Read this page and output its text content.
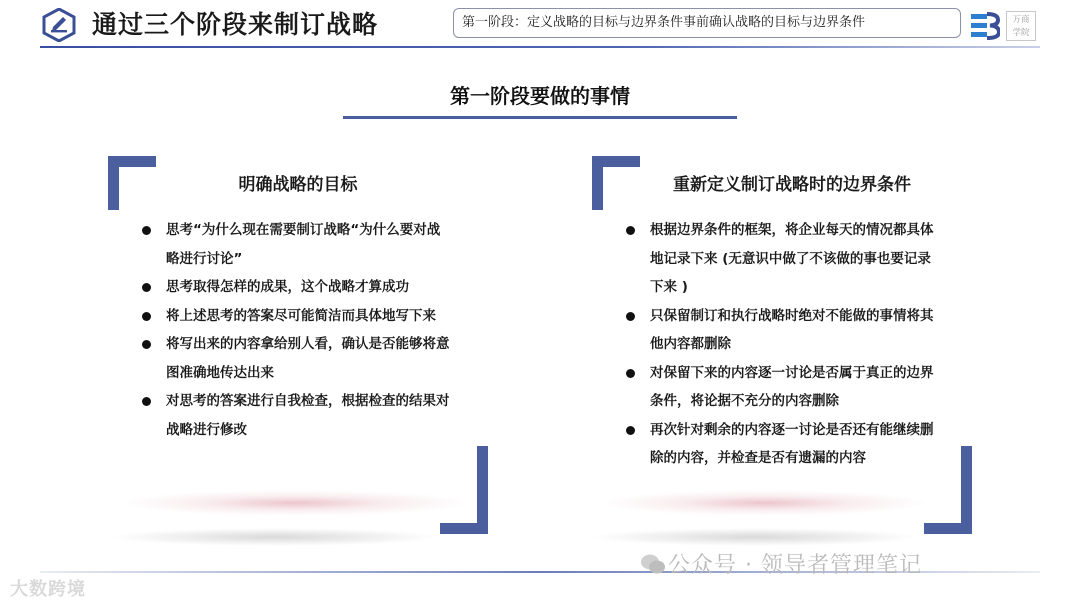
通过三个阶段来制订战略	第一阶段：定义战略的目标与边界条件事前确认战略的目标与边界条件	万商
学院
第一阶段要做的事情
明确战略的目标
思考“为什么现在需要制订战略“为什么要对战略进行讨论”
思考取得怎样的成果，这个战略才算成功
将上述思考的答案尽可能简洁而具体地写下来
将写出来的内容拿给别人看，确认是否能够将意图准确地传达出来
对思考的答案进行自我检查，根据检查的结果对战略进行修改
重新定义制订战略时的边界条件
根据边界条件的框架，将企业每天的情况都具体地记录下来 (无意识中做了不该做的事也要记录下来 )
只保留制订和执行战略时绝对不能做的事情将其他内容都删除
对保留下来的内容逐一讨论是否属于真正的边界条件，将论据不充分的内容删除
再次针对剩余的内容逐一讨论是否还有能继续删除的内容，并检查是否有遗漏的内容
公众号 · 领导者管理笔记
大数跨境
